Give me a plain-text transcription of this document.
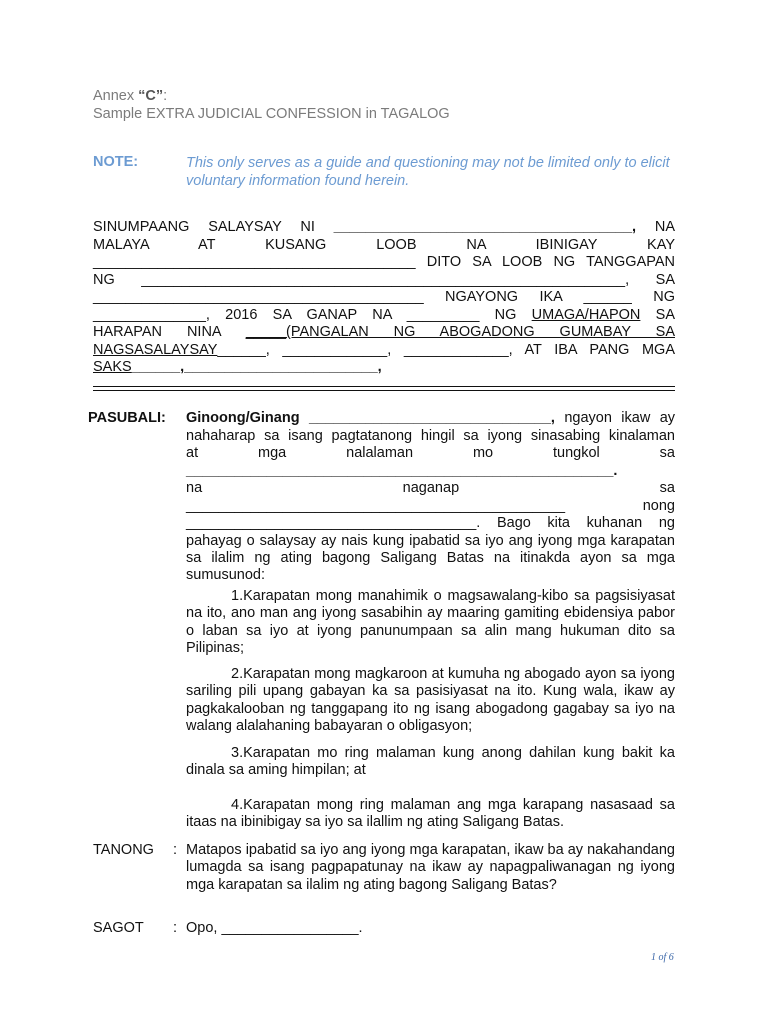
Annex “C”:
Sample EXTRA JUDICIAL CONFESSION in TAGALOG
NOTE:	This only serves as a guide and questioning may not be limited only to elicit voluntary information found herein.
SINUMPAANG SALAYSAY NI _____________________________________, NA
MALAYA AT KUSANG LOOB NA IBINIGAY KAY
________________________________________ DITO SA LOOB NG TANGGAPAN
NG ____________________________________________________________, SA
_________________________________________ NGAYONG IKA ______ NG
______________, 2016 SA GANAP NA _________ NG UMAGA/HAPON SA
HARAPAN NINA _____(PANGALAN NG ABOGADONG GUMABAY SA
NAGSASALAYSAY______, _____________, _____________, AT IBA PANG MGA
SAKS______,________________________,
PASUBALI: Ginoong/Ginang ______________________________, ngayon ikaw ay
nahaharap sa isang pagtatanong hingil sa iyong sinasabing kinalaman
at mga nalalaman mo tungkol sa
_____________________________________________________.
na naganap sa
_______________________________________________ nong
____________________________________. Bago kita kuhanan ng
pahayag o salaysay ay nais kung ipabatid sa iyo ang iyong mga karapatan sa ilalim ng ating bagong Saligang Batas na itinakda ayon sa mga sumusunod:
1.Karapatan mong manahimik o magsawalang-kibo sa pagsisiyasat na ito, ano man ang iyong sasabihin ay maaring gamiting ebidensiya pabor o laban sa iyo at iyong panunumpaan sa alin mang hukuman dito sa Pilipinas;
2.Karapatan mong magkaroon at kumuha ng abogado ayon sa iyong sariling pili upang gabayan ka sa pasisiyasat na ito. Kung wala, ikaw ay pagkakalooban ng tanggapang ito ng isang abogadong gagabay sa iyo na walang alalahaning babayaran o obligasyon;
3.Karapatan mo ring malaman kung anong dahilan kung bakit ka dinala sa aming himpilan; at
4.Karapatan mong ring malaman ang mga karapang nasasaad sa itaas na ibinibigay sa iyo sa ilallim ng ating Saligang Batas.
TANONG : Matapos ipabatid sa iyo ang iyong mga karapatan, ikaw ba ay nakahandang lumagda sa isang pagpapatunay na ikaw ay napagpaliwanagan ng iyong mga karapatan sa ilalim ng ating bagong Saligang Batas?
SAGOT : Opo, _________________.
1 of 6
